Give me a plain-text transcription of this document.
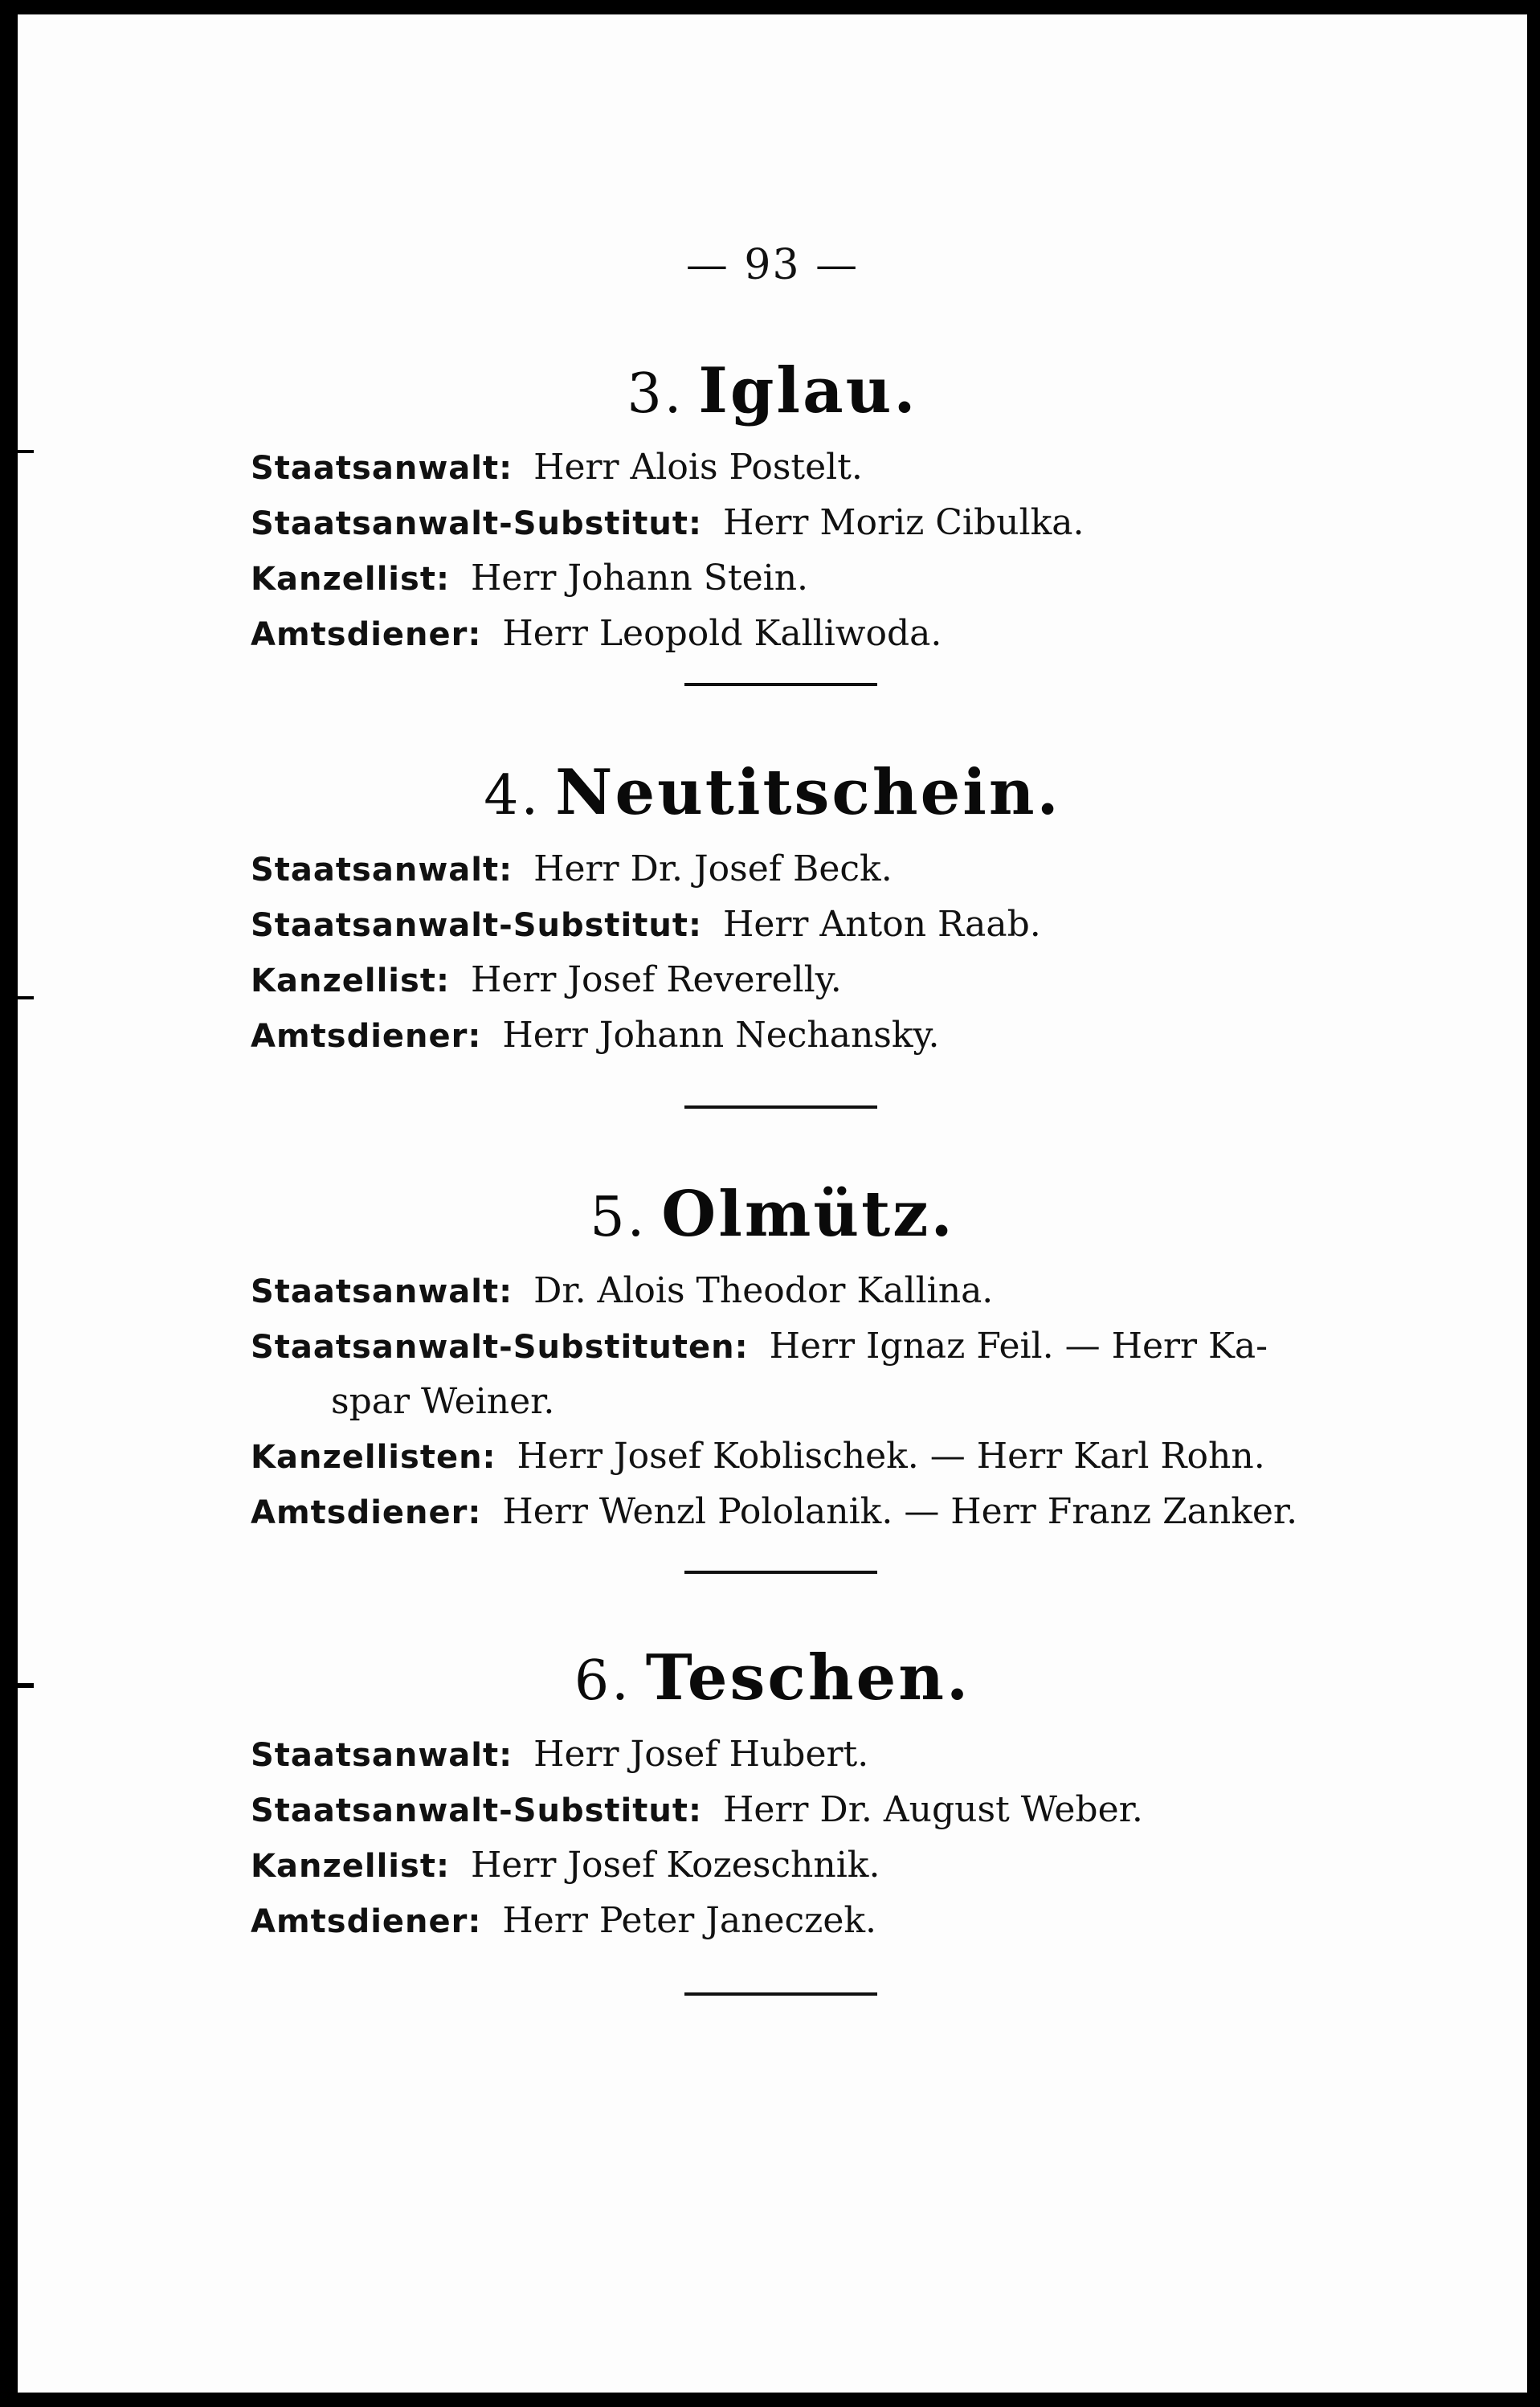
— 93 —
3. Iglau.
Staatsanwalt: Herr Alois Postelt.
Staatsanwalt-Substitut: Herr Moriz Cibulka.
Kanzellist: Herr Johann Stein.
Amtsdiener: Herr Leopold Kalliwoda.
4. Neutitschein.
Staatsanwalt: Herr Dr. Josef Beck.
Staatsanwalt-Substitut: Herr Anton Raab.
Kanzellist: Herr Josef Reverelly.
Amtsdiener: Herr Johann Nechansky.
5. Olmütz.
Staatsanwalt: Dr. Alois Theodor Kallina.
Staatsanwalt-Substituten: Herr Ignaz Feil. — Herr Ka-
spar Weiner.
Kanzellisten: Herr Josef Koblischek. — Herr Karl Rohn.
Amtsdiener: Herr Wenzl Pololanik. — Herr Franz Zanker.
6. Teschen.
Staatsanwalt: Herr Josef Hubert.
Staatsanwalt-Substitut: Herr Dr. August Weber.
Kanzellist: Herr Josef Kozeschnik.
Amtsdiener: Herr Peter Janeczek.
